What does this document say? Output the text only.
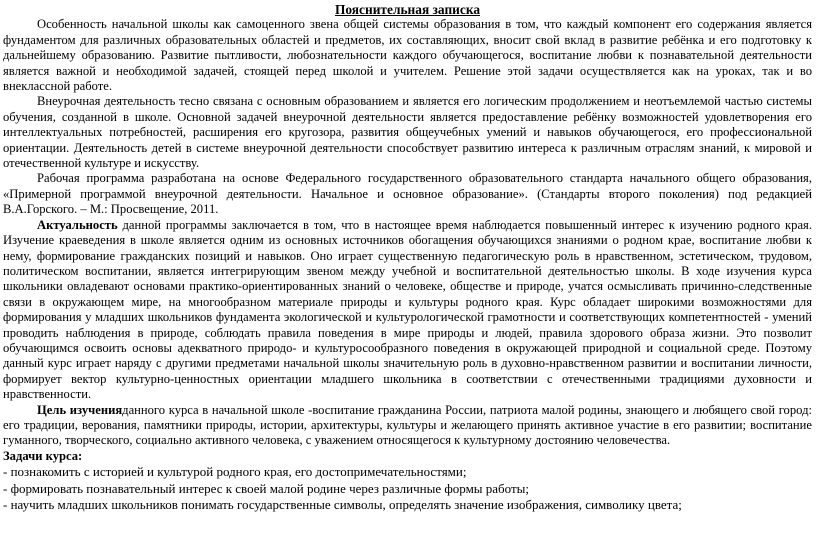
Пояснительная записка

Особенность начальной школы как самоценного звена общей системы образования в том, что каждый компонент его содержания является фундаментом для различных образовательных областей и предметов, их составляющих, вносит свой вклад в развитие ребёнка и его подготовку к дальнейшему образованию. Развитие пытливости, любознательности каждого обучающегося, воспитание любви к познавательной деятельности является важной и необходимой задачей, стоящей перед школой и учителем. Решение этой задачи осуществляется как на уроках, так и во внеклассной работе.

Внеурочная деятельность тесно связана с основным образованием и является его логическим продолжением и неотъемлемой частью системы обучения, созданной в школе. Основной задачей внеурочной деятельности является предоставление ребёнку возможностей удовлетворения его интеллектуальных потребностей, расширения его кругозора, развития общеучебных умений и навыков обучающегося, его профессиональной ориентации. Деятельность детей в системе внеурочной деятельности способствует развитию интереса к различным отраслям знаний, к мировой и отечественной культуре и искусству.

Рабочая программа разработана на основе Федерального государственного образовательного стандарта начального общего образования, «Примерной программой внеурочной деятельности. Начальное и основное образование». (Стандарты второго поколения) под редакцией В.А.Горского. – М.: Просвещение, 2011.

Актуальность данной программы заключается в том, что в настоящее время наблюдается повышенный интерес к изучению родного края. Изучение краеведения в школе является одним из основных источников обогащения обучающихся знаниями о родном крае, воспитание любви к нему, формирование гражданских позиций и навыков. Оно играет существенную педагогическую роль в нравственном, эстетическом, трудовом, политическом воспитании, является интегрирующим звеном между учебной и воспитательной деятельностью школы. В ходе изучения курса школьники овладевают основами практико-ориентированных знаний о человеке, обществе и природе, учатся осмысливать причинно-следственные связи в окружающем мире, на многообразном материале природы и культуры родного края. Курс обладает широкими возможностями для формирования у младших школьников фундамента экологической и культурологической грамотности и соответствующих компетентностей - умений проводить наблюдения в природе, соблюдать правила поведения в мире природы и людей, правила здорового образа жизни. Это позволит обучающимся освоить основы адекватного природо- и культуросообразного поведения в окружающей природной и социальной среде. Поэтому данный курс играет наряду с другими предметами начальной школы значительную роль в духовно-нравственном развитии и воспитании личности, формирует вектор культурно-ценностных ориентации младшего школьника в соответствии с отечественными традициями духовности и нравственности.

Цель изученияданного курса в начальной школе -воспитание гражданина России, патриота малой родины, знающего и любящего свой город: его традиции, верования, памятники природы, истории, архитектуры, культуры и желающего принять активное участие в его развитии; воспитание гуманного, творческого, социально активного человека, с уважением относящегося к культурному достоянию человечества.

Задачи курса:

- познакомить с историей и культурой родного края, его достопримечательностями;

- формировать познавательный интерес к своей малой родине через различные формы работы;

- научить младших школьников понимать государственные символы, определять значение изображения, символику цвета;
